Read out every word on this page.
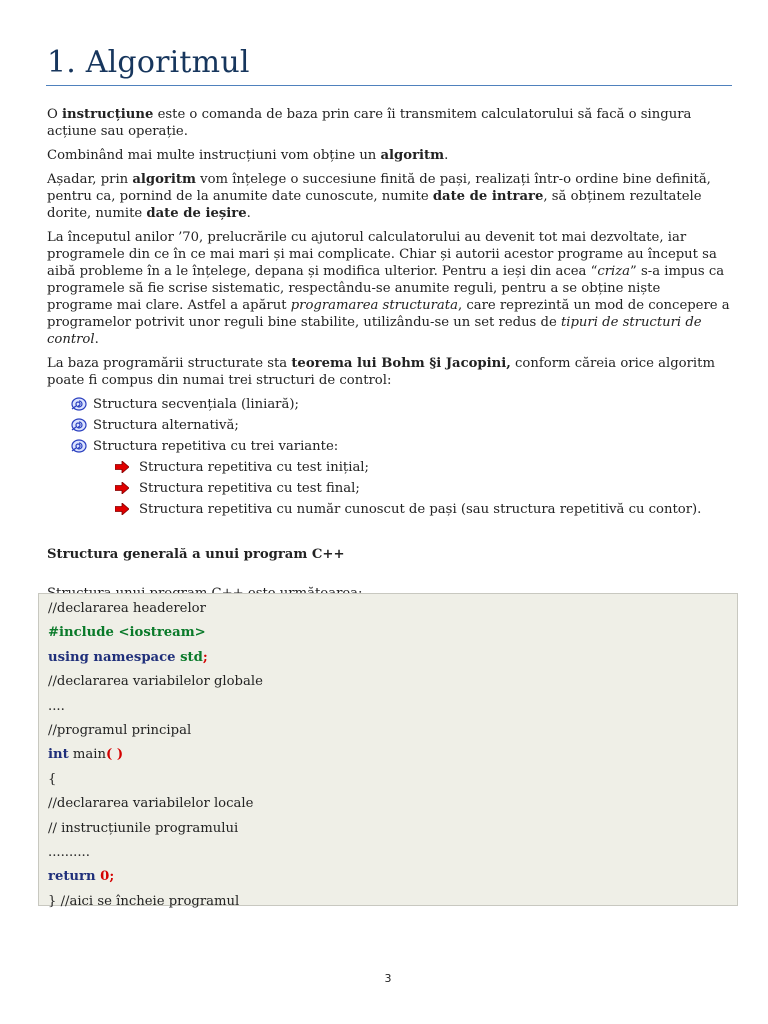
1. Algoritmul

O instrucțiune este o comanda de baza prin care îi transmitem calculatorului să facă o singura acțiune sau operație.

Combinând mai multe instrucțiuni vom obține un algoritm.

Așadar, prin algoritm vom înțelege o succesiune finită de pași, realizați într-o ordine bine definită, pentru ca, pornind de la anumite date cunoscute, numite date de intrare, să obținem rezultatele dorite, numite date de ieșire.

La începutul anilor ’70, prelucrările cu ajutorul calculatorului au devenit tot mai dezvoltate, iar programele din ce în ce mai mari și mai complicate. Chiar și autorii acestor programe au început sa aibă probleme în a le înțelege, depana și modifica ulterior. Pentru a ieși din acea “criza” s-a impus ca programele să fie scrise sistematic, respectându-se anumite reguli, pentru a se obține niște programe mai clare. Astfel a apărut programarea structurata, care reprezintă un mod de concepere a programelor potrivit unor reguli bine stabilite, utilizându-se un set redus de tipuri de structuri de control.

La baza programării structurate sta teorema lui Bohm §i Jacopini, conform căreia orice algoritm poate fi compus din numai trei structuri de control:

Structura secvențiala (liniară);
Structura alternativă;
Structura repetitiva cu trei variante:
Structura repetitiva cu test inițial;
Structura repetitiva cu test final;
Structura repetitiva cu număr cunoscut de pași (sau structura repetitivă cu contor).

Structura generală a unui program C++

//declararea headerelor
#include <iostream>
using namespace std;
//declararea variabilelor globale
....
//programul principal
int main( )
{
//declararea variabilelor locale
// instrucțiunile programului
..........
return 0;
} //aici se încheie programul
3
